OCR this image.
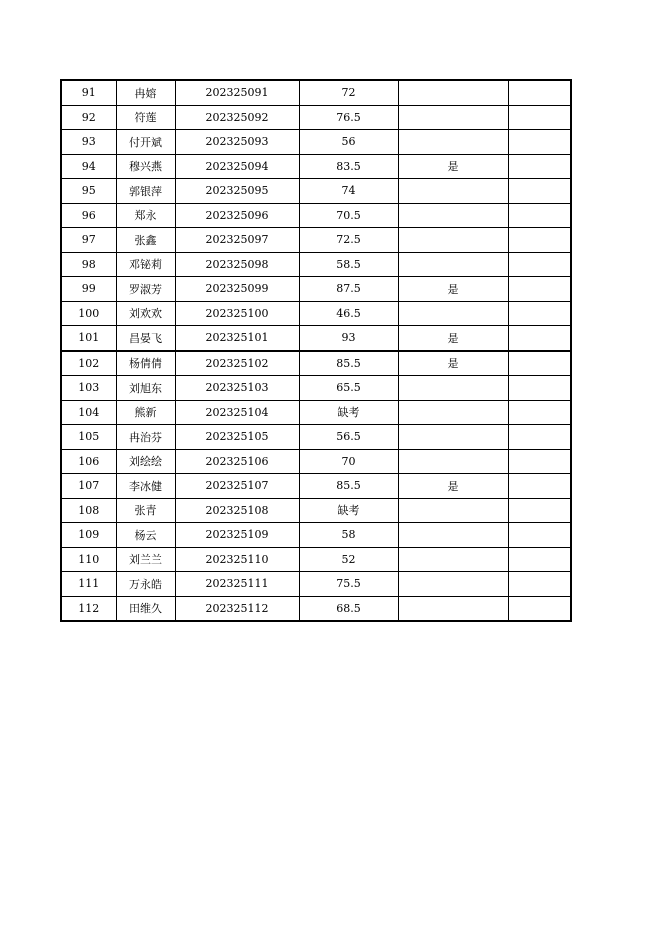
91	冉嫆	202325091	72		
92	符莲	202325092	76.5		
93	付开斌	202325093	56		
94	穆兴燕	202325094	83.5	是	
95	郭银萍	202325095	74		
96	郑永	202325096	70.5		
97	张鑫	202325097	72.5		
98	邓铋莉	202325098	58.5		
99	罗淑芳	202325099	87.5	是	
100	刘欢欢	202325100	46.5		
101	昌晏飞	202325101	93	是	
102	杨倩倩	202325102	85.5	是	
103	刘旭东	202325103	65.5		
104	熊新	202325104	缺考		
105	冉治芬	202325105	56.5		
106	刘绘绘	202325106	70		
107	李冰健	202325107	85.5	是	
108	张青	202325108	缺考		
109	杨云	202325109	58		
110	刘兰兰	202325110	52		
111	万永皓	202325111	75.5		
112	田维久	202325112	68.5		
